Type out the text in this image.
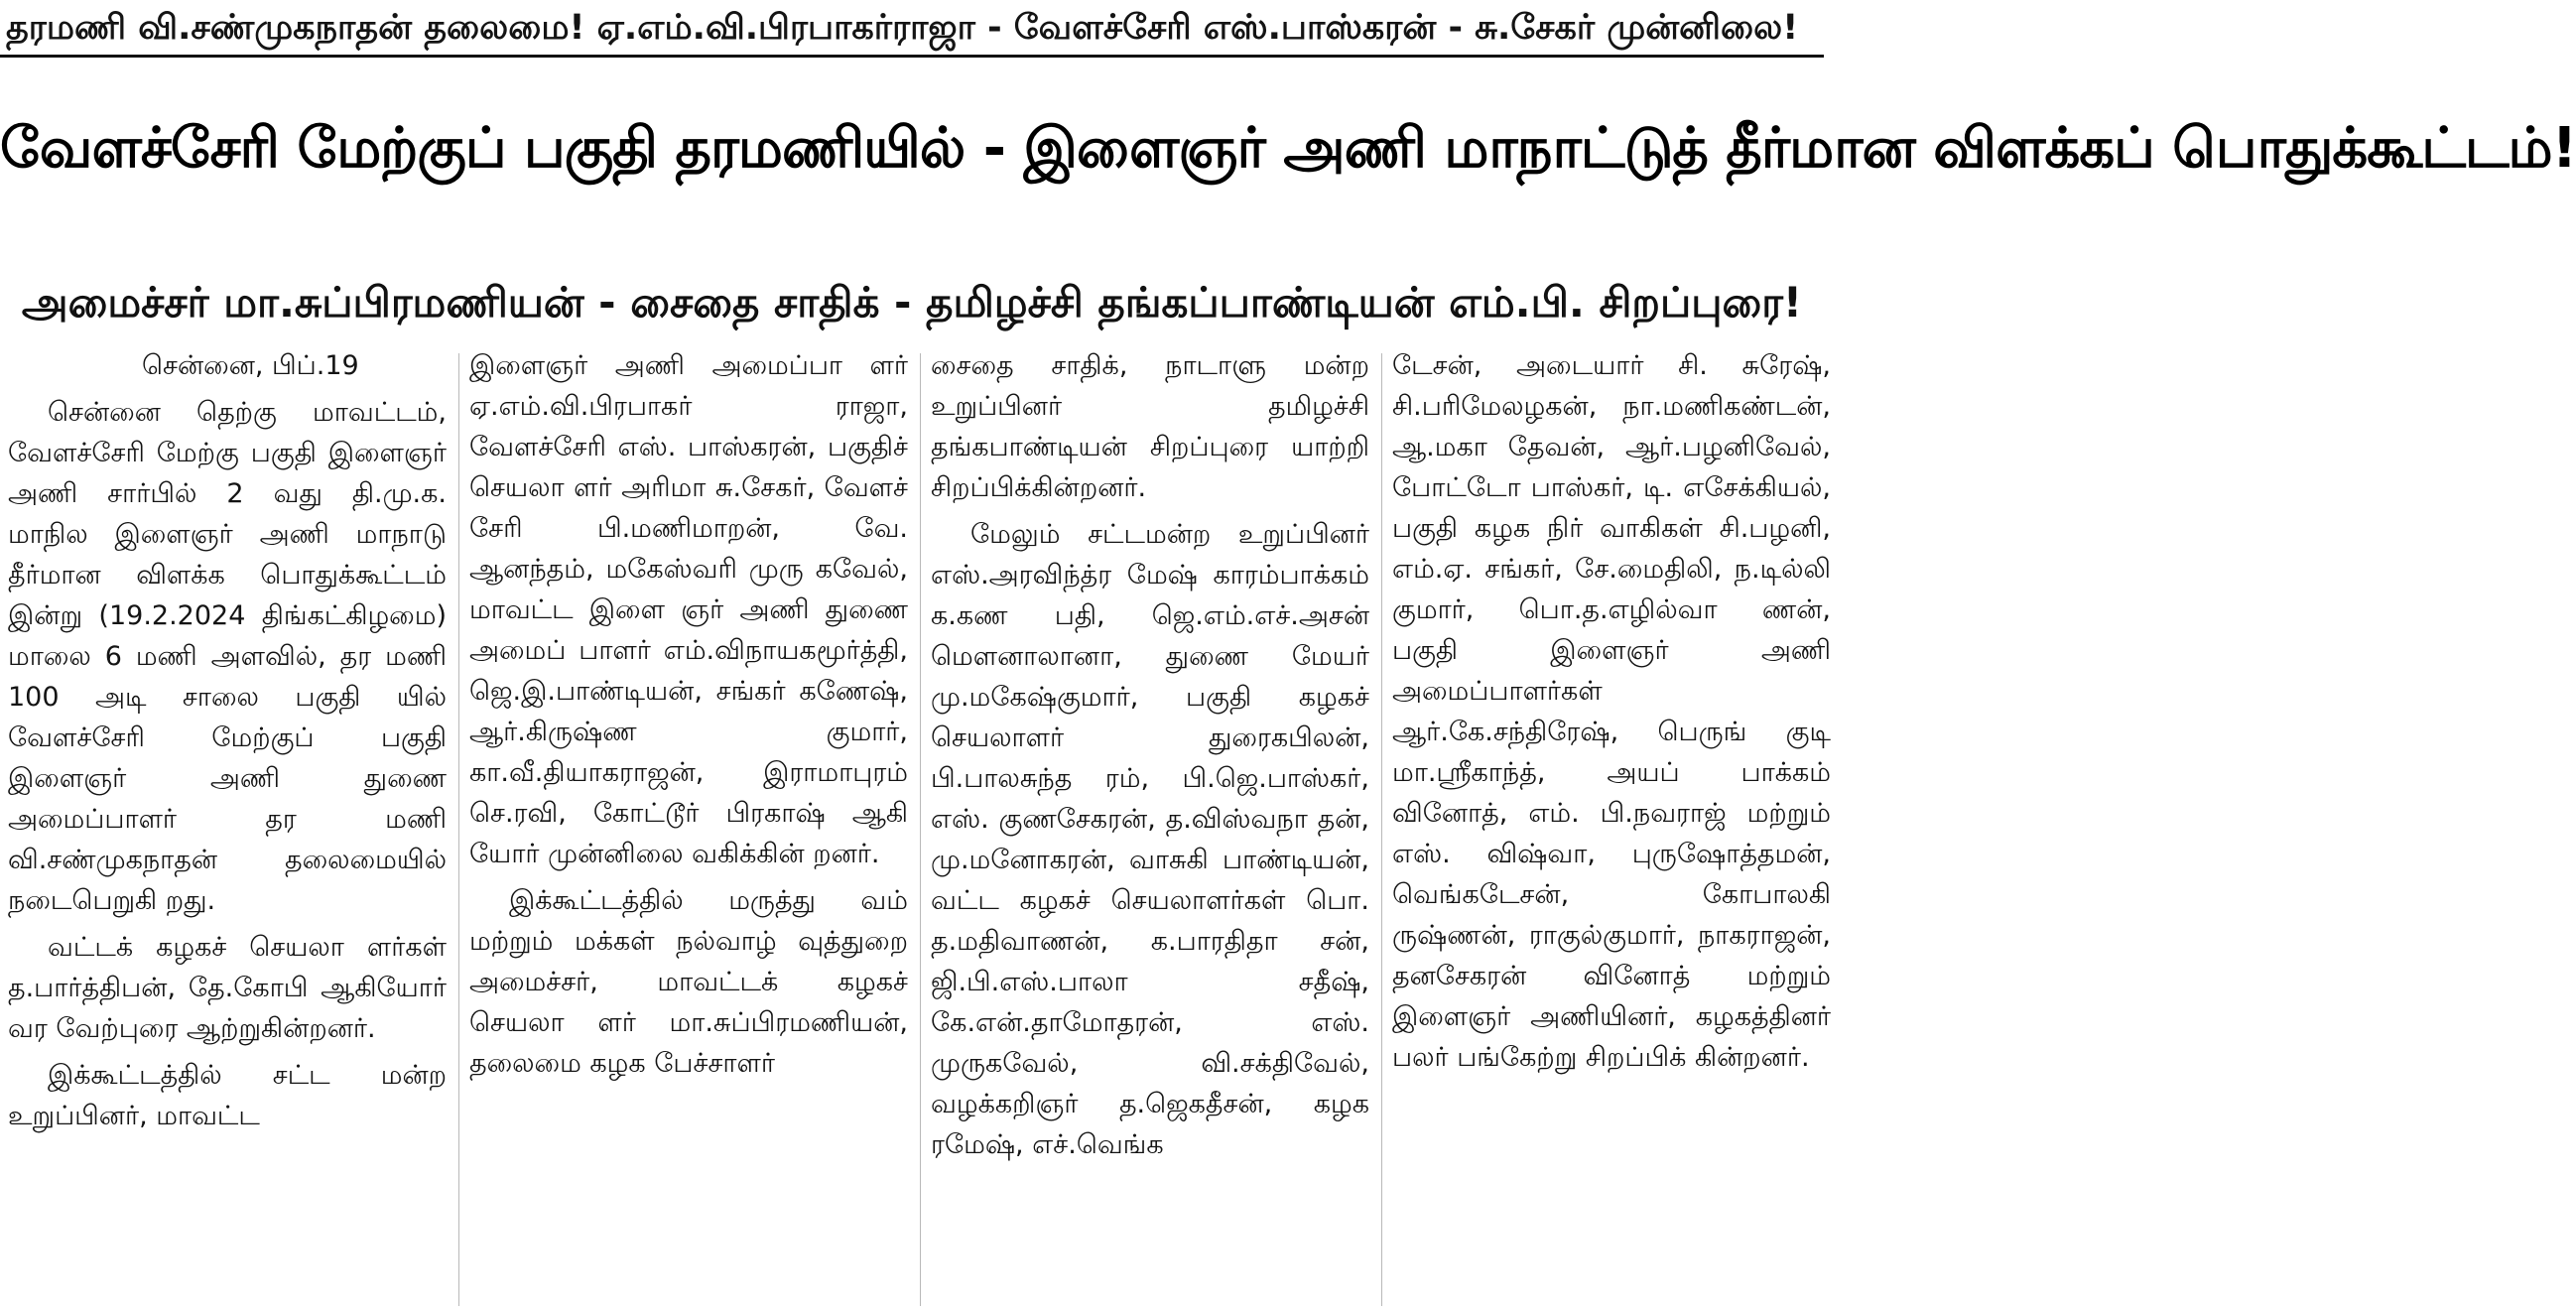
தரமணி வி.சண்முகநாதன் தலைமை! ஏ.எம்.வி.பிரபாகர்ராஜா - வேளச்சேரி எஸ்.பாஸ்கரன் - சு.சேகர் முன்னிலை!
வேளச்சேரி மேற்குப் பகுதி தரமணியில் - இளைஞர் அணி மாநாட்டுத் தீர்மான விளக்கப் பொதுக்கூட்டம்!
அமைச்சர் மா.சுப்பிரமணியன் - சைதை சாதிக் - தமிழச்சி தங்கப்பாண்டியன் எம்.பி. சிறப்புரை!

சென்னை, பிப்.19

சென்னை தெற்கு மாவட்டம், வேளச்சேரி மேற்கு பகுதி இளைஞர் அணி சார்பில் 2 வது தி.மு.க. மாநில இளைஞர் அணி மாநாடு தீர்மான விளக்க பொதுக்கூட்டம் இன்று (19.2.2024 திங்கட்கிழமை) மாலை 6 மணி அளவில், தர மணி 100 அடி சாலை பகுதி யில் வேளச்சேரி மேற்குப் பகுதி இளைஞர் அணி துணை அமைப்பாளர் தர மணி வி.சண்முகநாதன் தலைமையில் நடைபெறுகி றது.

வட்டக் கழகச் செயலா ளர்கள் த.பார்த்திபன், தே.கோபி ஆகியோர் வர வேற்புரை ஆற்றுகின்றனர்.

இக்கூட்டத்தில் சட்ட மன்ற உறுப்பினர், மாவட்ட

இளைஞர் அணி அமைப்பா ளர் ஏ.எம்.வி.பிரபாகர் ராஜா, வேளச்சேரி எஸ். பாஸ்கரன், பகுதிச் செயலா ளர் அரிமா சு.சேகர், வேளச் சேரி பி.மணிமாறன், வே. ஆனந்தம், மகேஸ்வரி முரு கவேல், மாவட்ட இளை ஞர் அணி துணை அமைப் பாளர் எம்.விநாயகமூர்த்தி, ஜெ.இ.பாண்டியன், சங்கர் கணேஷ், ஆர்.கிருஷ்ண குமார், கா.வீ.தியாகராஜன், இராமாபுரம் செ.ரவி, கோட்டூர் பிரகாஷ் ஆகி யோர் முன்னிலை வகிக்கின் றனர்.

இக்கூட்டத்தில் மருத்து வம் மற்றும் மக்கள் நல்வாழ் வுத்துறை அமைச்சர், மாவட்டக் கழகச் செயலா ளர் மா.சுப்பிரமணியன், தலைமை கழக பேச்சாளர்

சைதை சாதிக், நாடாளு மன்ற உறுப்பினர் தமிழச்சி தங்கபாண்டியன் சிறப்புரை யாற்றி சிறப்பிக்கின்றனர்.

மேலும் சட்டமன்ற உறுப்பினர் எஸ்.அரவிந்த்ர மேஷ் காரம்பாக்கம் க.கண பதி, ஜெ.எம்.எச்.அசன் மௌனாலானா, துணை மேயர் மு.மகேஷ்குமார், பகுதி கழகச் செயலாளர் துரைகபிலன், பி.பாலசுந்த ரம், பி.ஜெ.பாஸ்கர், எஸ். குணசேகரன், த.விஸ்வநா தன், மு.மனோகரன், வாசுகி பாண்டியன், வட்ட கழகச் செயலாளர்கள் பொ. த.மதிவாணன், க.பாரதிதா சன், ஜி.பி.எஸ்.பாலா சதீஷ், கே.என்.தாமோதரன், எஸ். முருகவேல், வி.சக்திவேல், வழக்கறிஞர் த.ஜெகதீசன், கழக ரமேஷ், எச்.வெங்க

டேசன், அடையார் சி. சுரேஷ், சி.பரிமேலழகன், நா.மணிகண்டன், ஆ.மகா தேவன், ஆர்.பழனிவேல், போட்டோ பாஸ்கர், டி. எசேக்கியல், பகுதி கழக நிர் வாகிகள் சி.பழனி, எம்.ஏ. சங்கர், சே.மைதிலி, ந.டில்லி குமார், பொ.த.எழில்வா ணன், பகுதி இளைஞர் அணி அமைப்பாளர்கள் ஆர்.கே.சந்திரேஷ், பெருங் குடி மா.ஸ்ரீகாந்த், அயப் பாக்கம் வினோத், எம். பி.நவராஜ் மற்றும் எஸ். விஷ்வா, புருஷோத்தமன், வெங்கடேசன், கோபாலகி ருஷ்ணன், ராகுல்குமார், நாகராஜன், தனசேகரன் வினோத் மற்றும் இளைஞர் அணியினர், கழகத்தினர் பலர் பங்கேற்று சிறப்பிக் கின்றனர்.
